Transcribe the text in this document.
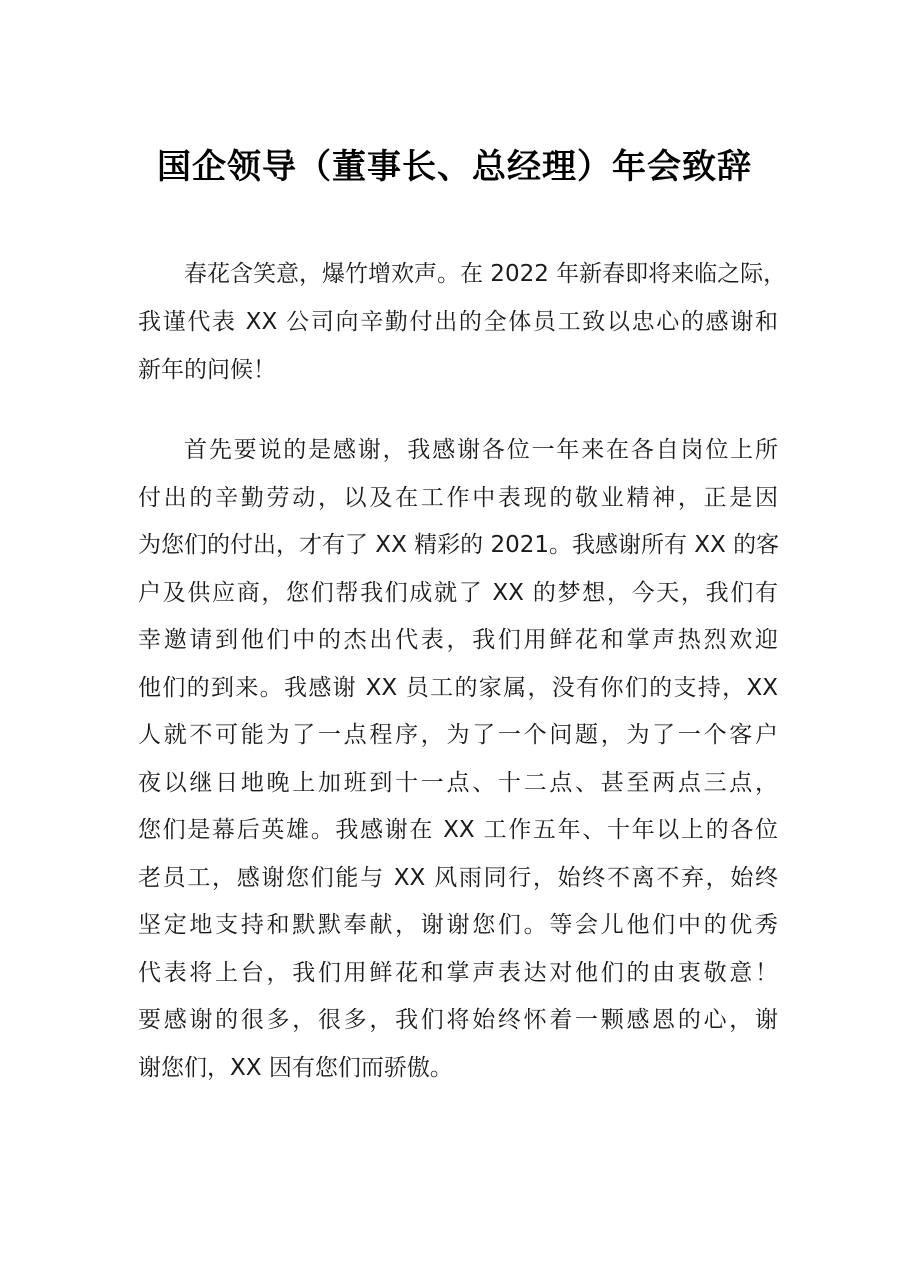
国企领导（董事长、总经理）年会致辞

春花含笑意，爆竹增欢声。在 2022 年新春即将来临之际，
我谨代表 XX 公司向辛勤付出的全体员工致以忠心的感谢和
新年的问候！

首先要说的是感谢，我感谢各位一年来在各自岗位上所
付出的辛勤劳动，以及在工作中表现的敬业精神，正是因
为您们的付出，才有了 XX 精彩的 2021。我感谢所有 XX 的客
户及供应商，您们帮我们成就了 XX 的梦想，今天，我们有
幸邀请到他们中的杰出代表，我们用鲜花和掌声热烈欢迎
他们的到来。我感谢 XX 员工的家属，没有你们的支持，XX
人就不可能为了一点程序，为了一个问题，为了一个客户
夜以继日地晚上加班到十一点、十二点、甚至两点三点，
您们是幕后英雄。我感谢在 XX 工作五年、十年以上的各位
老员工，感谢您们能与 XX 风雨同行，始终不离不弃，始终
坚定地支持和默默奉献，谢谢您们。等会儿他们中的优秀
代表将上台，我们用鲜花和掌声表达对他们的由衷敬意！
要感谢的很多，很多，我们将始终怀着一颗感恩的心，谢
谢您们，XX 因有您们而骄傲。
